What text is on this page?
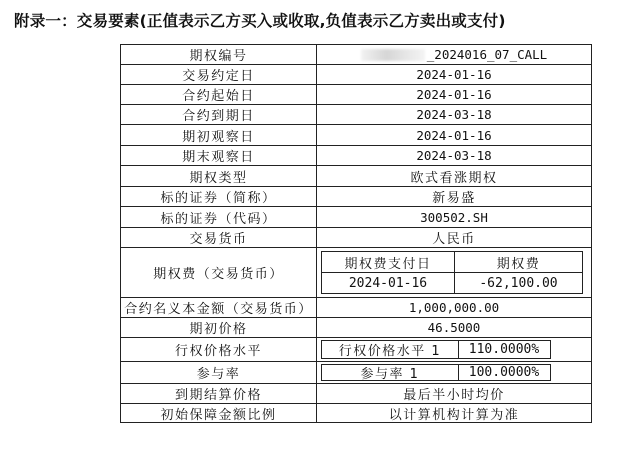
附录一：交易要素(正值表示乙方买入或收取,负值表示乙方卖出或支付)
期权编号	_2024016_07_CALL
交易约定日	2024-01-16
合约起始日	2024-01-16
合约到期日	2024-03-18
期初观察日	2024-01-16
期末观察日	2024-03-18
期权类型	欧式看涨期权
标的证券（简称）	新易盛
标的证券（代码）	300502.SH
交易货币	人民币
期权费（交易货币）
期权费支付日	期权费
2024-01-16	-62,100.00
合约名义本金额（交易货币）	1,000,000.00
期初价格	46.5000
行权价格水平	行权价格水平 1	110.0000%
参与率	参与率 1	100.0000%
到期结算价格	最后半小时均价
初始保障金额比例	以计算机构计算为准
